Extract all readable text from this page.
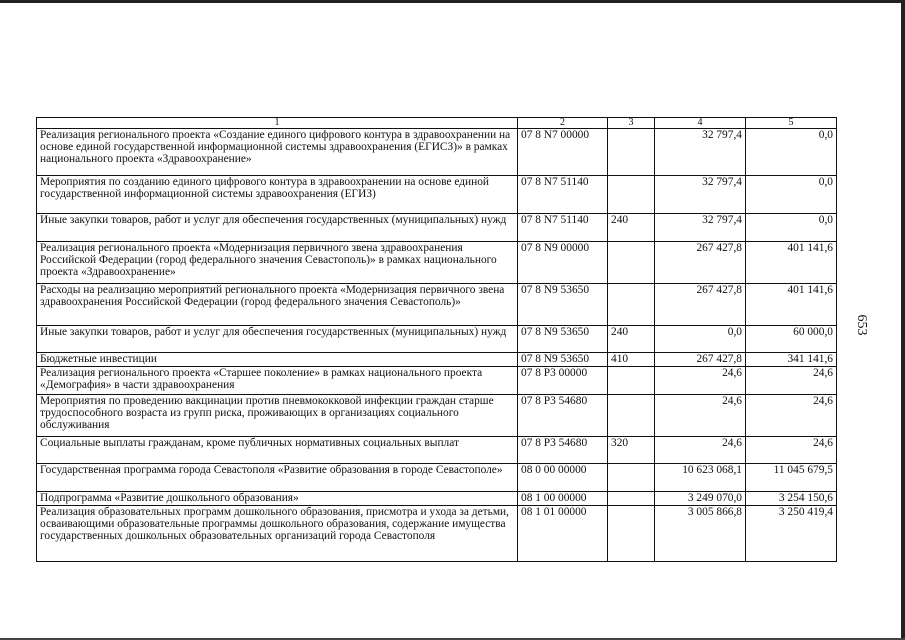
1	2	3	4	5
Реализация регионального проекта «Создание единого цифрового контура в здравоохранении на основе единой государственной информационной системы здравоохранения (ЕГИСЗ)» в рамках национального проекта «Здравоохранение»	07 8 N7 00000		32 797,4	0,0
Мероприятия по созданию единого цифрового контура в здравоохранении на основе единой государственной информационной системы здравоохранения (ЕГИЗ)	07 8 N7 51140		32 797,4	0,0
Иные закупки товаров, работ и услуг для обеспечения государственных (муниципальных) нужд	07 8 N7 51140	240	32 797,4	0,0
Реализация регионального проекта «Модернизация первичного звена здравоохранения Российской Федерации (город федерального значения Севастополь)» в рамках национального проекта «Здравоохранение»	07 8 N9 00000		267 427,8	401 141,6
Расходы на реализацию мероприятий регионального проекта «Модернизация первичного звена здравоохранения Российской Федерации (город федерального значения Севастополь)»	07 8 N9 53650		267 427,8	401 141,6
Иные закупки товаров, работ и услуг для обеспечения государственных (муниципальных) нужд	07 8 N9 53650	240	0,0	60 000,0
Бюджетные инвестиции	07 8 N9 53650	410	267 427,8	341 141,6
Реализация регионального проекта «Старшее поколение» в рамках национального проекта «Демография» в части здравоохранения	07 8 P3 00000		24,6	24,6
Мероприятия по проведению вакцинации против пневмококковой инфекции граждан старше трудоспособного возраста из групп риска, проживающих в организациях социального обслуживания	07 8 P3 54680		24,6	24,6
Социальные выплаты гражданам, кроме публичных нормативных социальных выплат	07 8 P3 54680	320	24,6	24,6
Государственная программа города Севастополя «Развитие образования в городе Севастополе»	08 0 00 00000		10 623 068,1	11 045 679,5
Подпрограмма «Развитие дошкольного образования»	08 1 00 00000		3 249 070,0	3 254 150,6
Реализация образовательных программ дошкольного образования, присмотра и ухода за детьми, осваивающими образовательные программы дошкольного образования, содержание имущества государственных дошкольных образовательных организаций города Севастополя	08 1 01 00000		3 005 866,8	3 250 419,4
653
